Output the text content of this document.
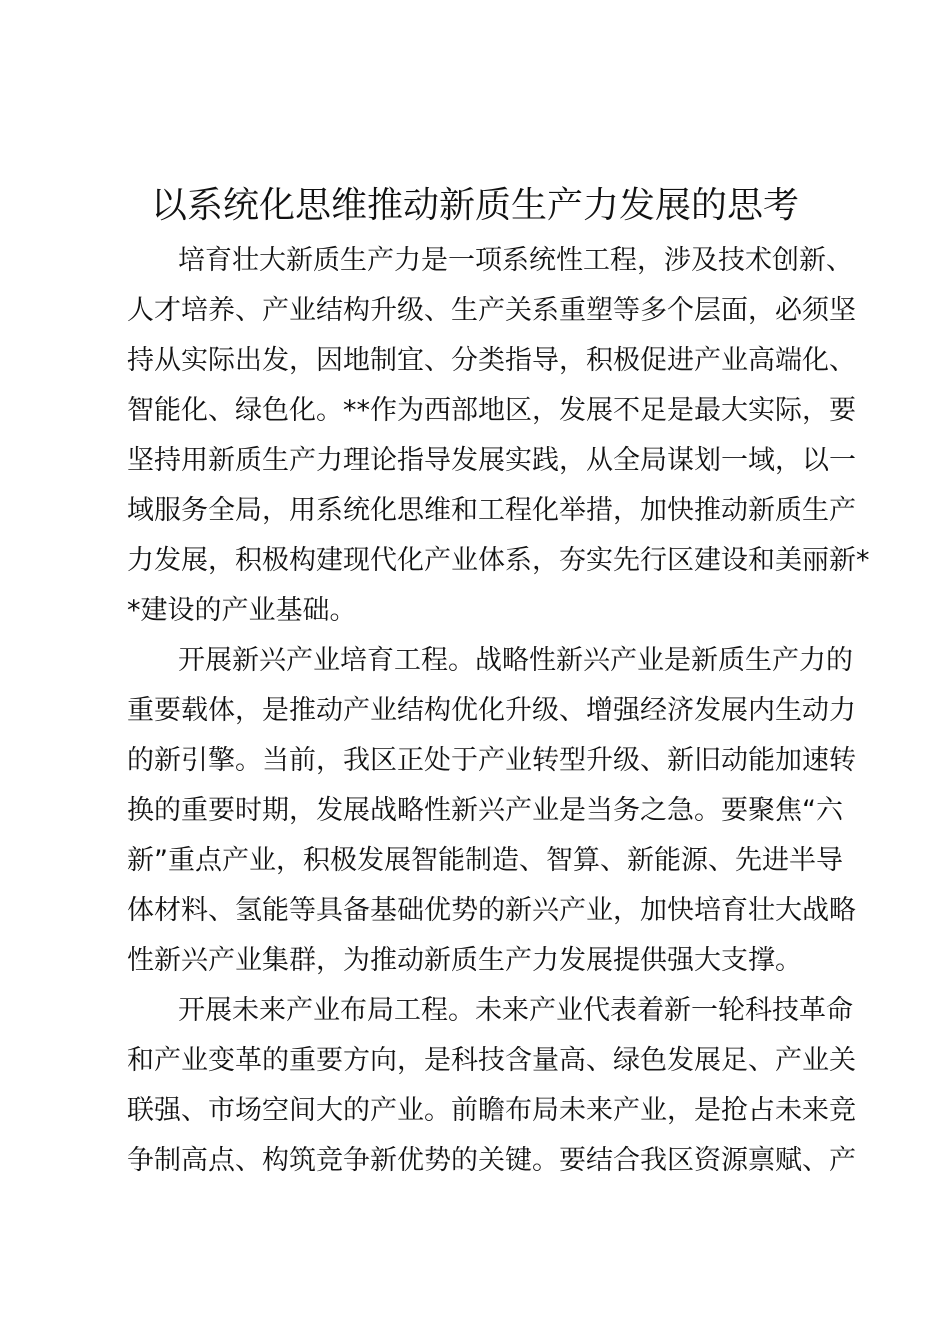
以系统化思维推动新质生产力发展的思考
培育壮大新质生产力是一项系统性工程，涉及技术创新、
人才培养、产业结构升级、生产关系重塑等多个层面，必须坚
持从实际出发，因地制宜、分类指导，积极促进产业高端化、
智能化、绿色化。**作为西部地区，发展不足是最大实际，要
坚持用新质生产力理论指导发展实践，从全局谋划一域，以一
域服务全局，用系统化思维和工程化举措，加快推动新质生产
力发展，积极构建现代化产业体系，夯实先行区建设和美丽新*
*建设的产业基础。
开展新兴产业培育工程。战略性新兴产业是新质生产力的
重要载体，是推动产业结构优化升级、增强经济发展内生动力
的新引擎。当前，我区正处于产业转型升级、新旧动能加速转
换的重要时期，发展战略性新兴产业是当务之急。要聚焦“六
新”重点产业，积极发展智能制造、智算、新能源、先进半导
体材料、氢能等具备基础优势的新兴产业，加快培育壮大战略
性新兴产业集群，为推动新质生产力发展提供强大支撑。
开展未来产业布局工程。未来产业代表着新一轮科技革命
和产业变革的重要方向，是科技含量高、绿色发展足、产业关
联强、市场空间大的产业。前瞻布局未来产业，是抢占未来竞
争制高点、构筑竞争新优势的关键。要结合我区资源禀赋、产
